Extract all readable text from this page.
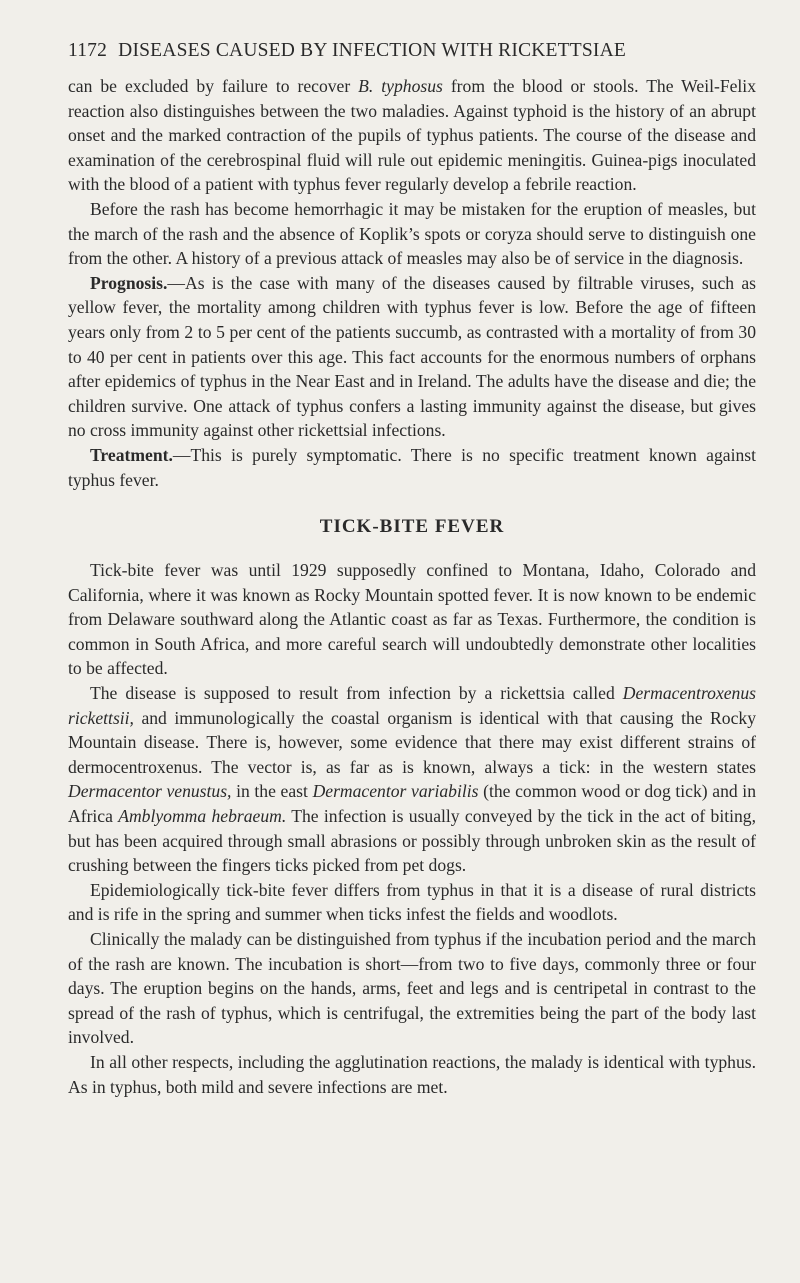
1172 DISEASES CAUSED BY INFECTION WITH RICKETTSIAE

can be excluded by failure to recover B. typhosus from the blood or stools. The Weil-Felix reaction also distinguishes between the two maladies. Against typhoid is the history of an abrupt onset and the marked contraction of the pupils of typhus patients. The course of the disease and examination of the cerebrospinal fluid will rule out epidemic meningitis. Guinea-pigs inoculated with the blood of a patient with typhus fever regularly develop a febrile reaction.

Before the rash has become hemorrhagic it may be mistaken for the eruption of measles, but the march of the rash and the absence of Koplik’s spots or coryza should serve to distinguish one from the other. A history of a previous attack of measles may also be of service in the diagnosis.

Prognosis.—As is the case with many of the diseases caused by filtrable viruses, such as yellow fever, the mortality among children with typhus fever is low. Before the age of fifteen years only from 2 to 5 per cent of the patients succumb, as contrasted with a mortality of from 30 to 40 per cent in patients over this age. This fact accounts for the enormous numbers of orphans after epidemics of typhus in the Near East and in Ireland. The adults have the disease and die; the children survive. One attack of typhus confers a lasting immunity against the disease, but gives no cross immunity against other rickettsial infections.

Treatment.—This is purely symptomatic. There is no specific treatment known against typhus fever.

TICK-BITE FEVER

Tick-bite fever was until 1929 supposedly confined to Montana, Idaho, Colorado and California, where it was known as Rocky Mountain spotted fever. It is now known to be endemic from Delaware southward along the Atlantic coast as far as Texas. Furthermore, the condition is common in South Africa, and more careful search will undoubtedly demonstrate other localities to be affected.

The disease is supposed to result from infection by a rickettsia called Dermacentroxenus rickettsii, and immunologically the coastal organism is identical with that causing the Rocky Mountain disease. There is, however, some evidence that there may exist different strains of dermocentroxenus. The vector is, as far as is known, always a tick: in the western states Dermacentor venustus, in the east Dermacentor variabilis (the common wood or dog tick) and in Africa Amblyomma hebraeum. The infection is usually conveyed by the tick in the act of biting, but has been acquired through small abrasions or possibly through unbroken skin as the result of crushing between the fingers ticks picked from pet dogs.

Epidemiologically tick-bite fever differs from typhus in that it is a disease of rural districts and is rife in the spring and summer when ticks infest the fields and woodlots.

Clinically the malady can be distinguished from typhus if the incubation period and the march of the rash are known. The incubation is short—from two to five days, commonly three or four days. The eruption begins on the hands, arms, feet and legs and is centripetal in contrast to the spread of the rash of typhus, which is centrifugal, the extremities being the part of the body last involved.

In all other respects, including the agglutination reactions, the malady is identical with typhus. As in typhus, both mild and severe infections are met.
